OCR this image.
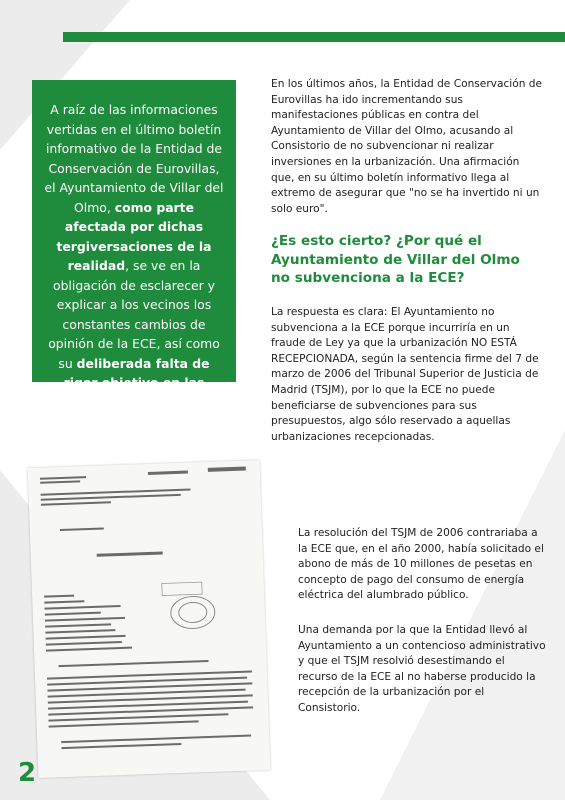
A raíz de las informaciones vertidas en el último boletín informativo de la Entidad de Conservación de Eurovillas, el Ayuntamiento de Villar del Olmo, como parte afectada por dichas tergiversaciones de la realidad, se ve en la obligación de esclarecer y explicar a los vecinos los constantes cambios de opinión de la ECE, así como su deliberada falta de rigor objetivo en las informaciones publicadas.
En los últimos años, la Entidad de Conservación de Eurovillas ha ido incrementando sus manifestaciones públicas en contra del Ayuntamiento de Villar del Olmo, acusando al Consistorio de no subvencionar ni realizar inversiones en la urbanización. Una afirmación que, en su último boletín informativo llega al extremo de asegurar que "no se ha invertido ni un solo euro".
¿Es esto cierto? ¿Por qué el Ayuntamiento de Villar del Olmo no subvenciona a la ECE?
La respuesta es clara: El Ayuntamiento no subvenciona a la ECE porque incurriría en un fraude de Ley ya que la urbanización NO ESTÁ RECEPCIONADA, según la sentencia firme del 7 de marzo de 2006 del Tribunal Superior de Justicia de Madrid (TSJM), por lo que la ECE no puede beneficiarse de subvenciones para sus presupuestos, algo sólo reservado a aquellas urbanizaciones recepcionadas.
La resolución del TSJM de 2006 contrariaba a la ECE que, en el año 2000, había solicitado el abono de más de 10 millones de pesetas en concepto de pago del consumo de energía eléctrica del alumbrado público.
Una demanda por la que la Entidad llevó al Ayuntamiento a un contencioso administrativo y que el TSJM resolvió desestimando el recurso de la ECE al no haberse producido la recepción de la urbanización por el Consistorio.
2
